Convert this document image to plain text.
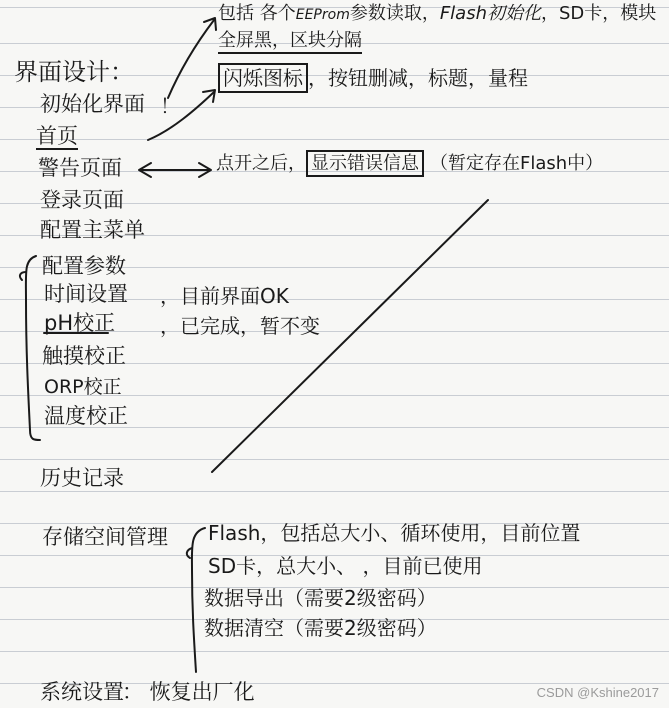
界面设计：
初始化界面 ！
首页
警告页面
登录页面
配置主菜单
配置参数
时间设置
pH校正
触摸校正
ORP校正
温度校正
历史记录
存储空间管理
系统设置
包括 各个EEProm参数读取，Flash初始化，SD卡，模块
全屏黑，区块分隔
闪烁图标 ，按钮删减，标题，量程
点开之后， 显示错误信息 （暂定存在Flash中）
，目前界面OK
，已完成，暂不变
Flash，包括总大小、循环使用，目前位置
SD卡，总大小、 ，目前已使用
数据导出（需要2级密码）
数据清空（需要2级密码）
： 恢复出厂化	CSDN @Kshine2017
